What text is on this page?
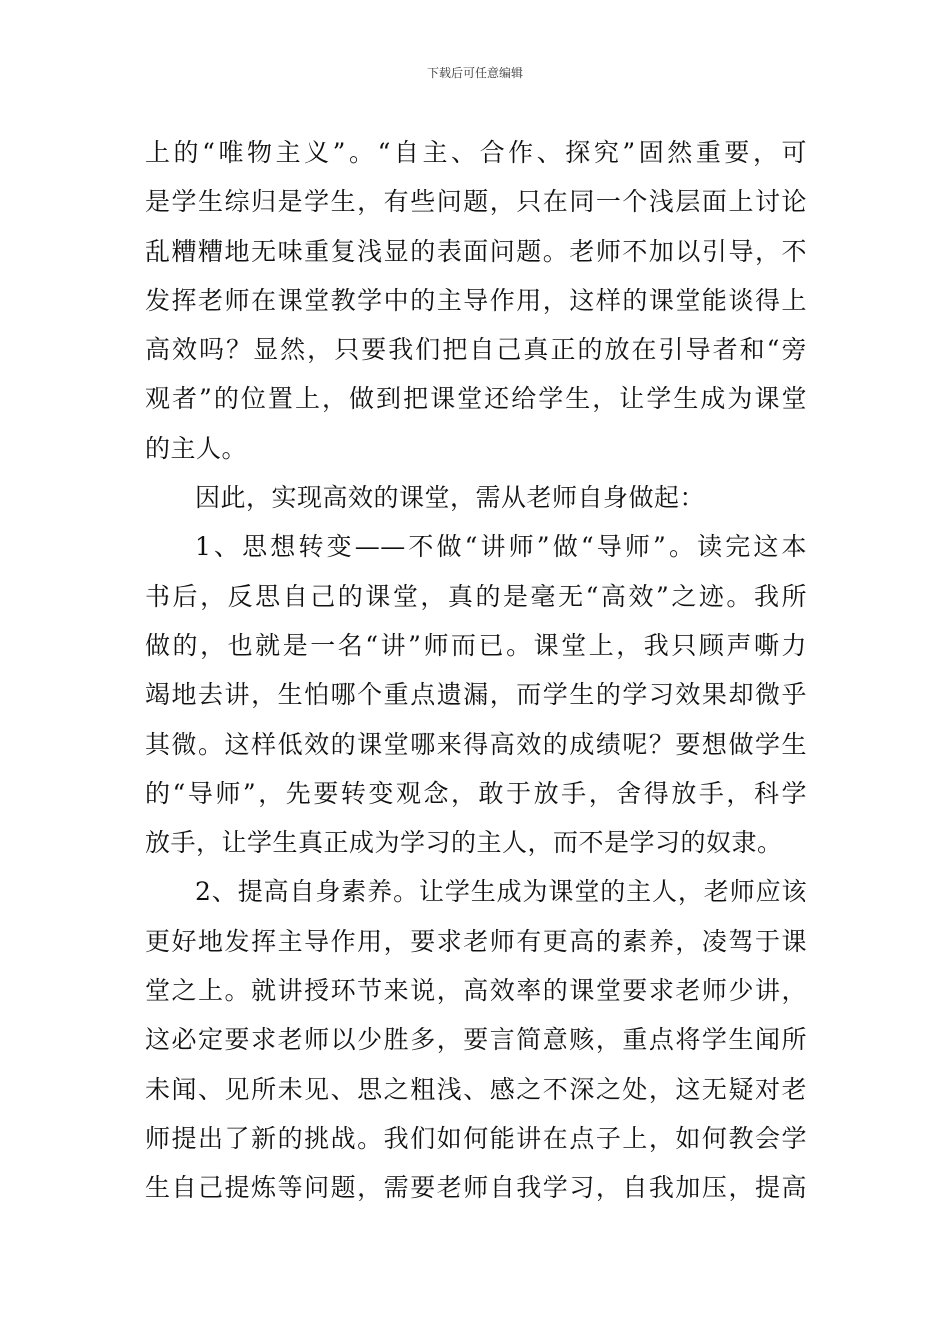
下载后可任意编辑
上的“唯物主义”。“自主、合作、探究”固然重要，可
是学生综归是学生，有些问题，只在同一个浅层面上讨论
乱糟糟地无味重复浅显的表面问题。老师不加以引导，不
发挥老师在课堂教学中的主导作用，这样的课堂能谈得上
高效吗？显然，只要我们把自己真正的放在引导者和“旁
观者”的位置上，做到把课堂还给学生，让学生成为课堂
的主人。
因此，实现高效的课堂，需从老师自身做起：
1、思想转变——不做“讲师”做“导师”。读完这本
书后，反思自己的课堂，真的是毫无“高效”之迹。我所
做的，也就是一名“讲”师而已。课堂上，我只顾声嘶力
竭地去讲，生怕哪个重点遗漏，而学生的学习效果却微乎
其微。这样低效的课堂哪来得高效的成绩呢？要想做学生
的“导师”，先要转变观念，敢于放手，舍得放手，科学
放手，让学生真正成为学习的主人，而不是学习的奴隶。
2、提高自身素养。让学生成为课堂的主人，老师应该
更好地发挥主导作用，要求老师有更高的素养，凌驾于课
堂之上。就讲授环节来说，高效率的课堂要求老师少讲，
这必定要求老师以少胜多，要言简意赅，重点将学生闻所
未闻、见所未见、思之粗浅、感之不深之处，这无疑对老
师提出了新的挑战。我们如何能讲在点子上，如何教会学
生自己提炼等问题，需要老师自我学习，自我加压，提高
